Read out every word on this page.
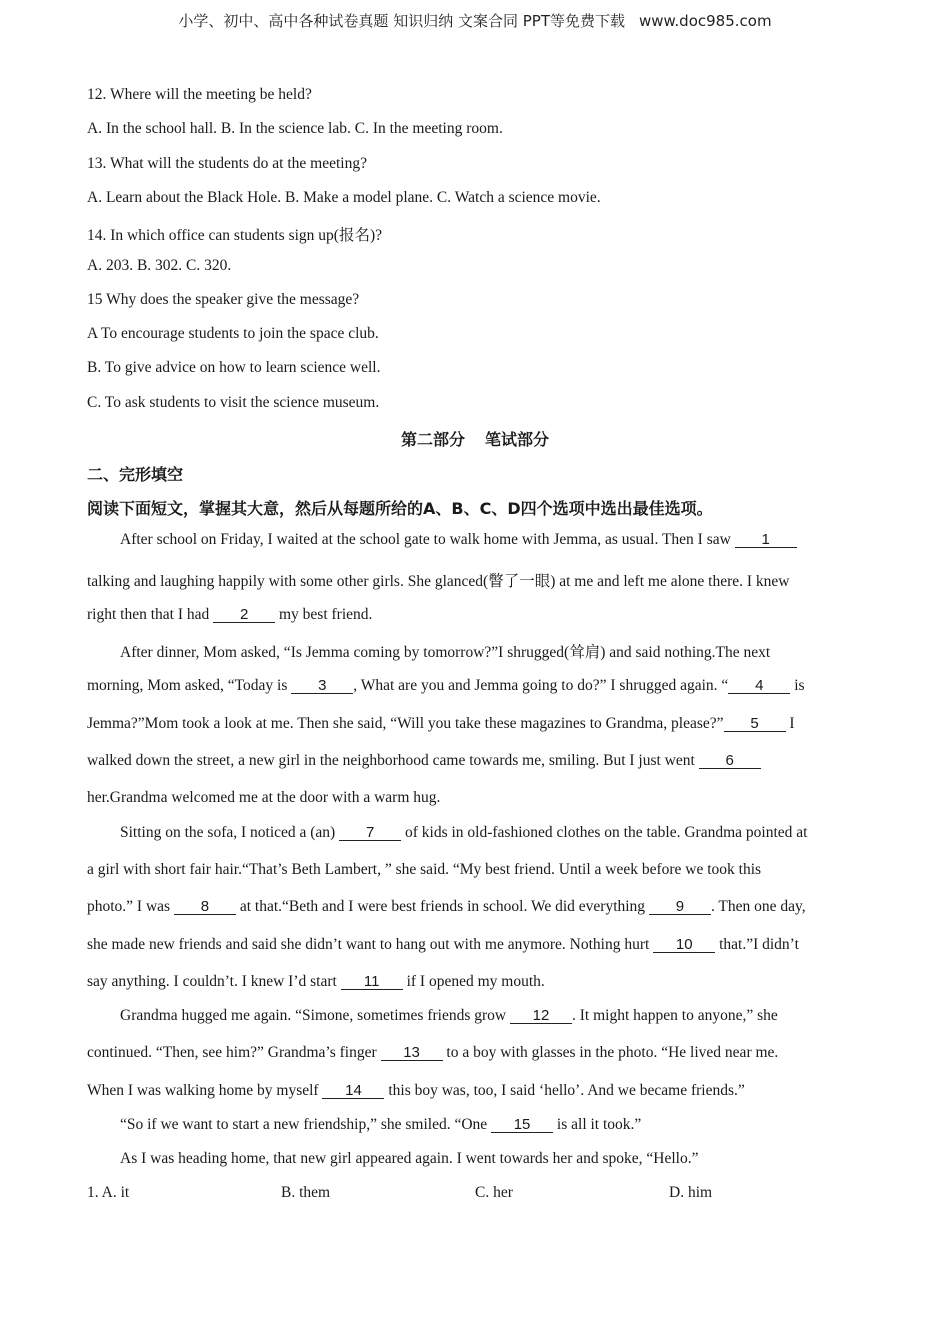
小学、初中、高中各种试卷真题 知识归纳 文案合同 PPT等免费下载 www.doc985.com
12. Where will the meeting be held?
A. In the school hall. B. In the science lab. C. In the meeting room.
13. What will the students do at the meeting?
A. Learn about the Black Hole. B. Make a model plane. C. Watch a science movie.
14. In which office can students sign up(报名)?
A. 203. B. 302. C. 320.
15 Why does the speaker give the message?
A To encourage students to join the space club.
B. To give advice on how to learn science well.
C. To ask students to visit the science museum.
第二部分 笔试部分
二、完形填空
阅读下面短文，掌握其大意，然后从每题所给的A、B、C、D四个选项中选出最佳选项。
After school on Friday, I waited at the school gate to walk home with Jemma, as usual. Then I saw 1
talking and laughing happily with some other girls. She glanced(瞥了一眼) at me and left me alone there. I knew
right then that I had 2 my best friend.
After dinner, Mom asked, “Is Jemma coming by tomorrow?”I shrugged(耸肩) and said nothing.The next
morning, Mom asked, “Today is 3 , What are you and Jemma going to do?” I shrugged again. “ 4 is
Jemma?”Mom took a look at me. Then she said, “Will you take these magazines to Grandma, please?” 5 I
walked down the street, a new girl in the neighborhood came towards me, smiling. But I just went 6
her.Grandma welcomed me at the door with a warm hug.
Sitting on the sofa, I noticed a (an) 7 of kids in old-fashioned clothes on the table. Grandma pointed at
a girl with short fair hair.“That’s Beth Lambert, ” she said. “My best friend. Until a week before we took this
photo.” I was 8 at that.“Beth and I were best friends in school. We did everything 9 . Then one day,
she made new friends and said she didn’t want to hang out with me anymore. Nothing hurt 10 that.”I didn’t
say anything. I couldn’t. I knew I’d start 11 if I opened my mouth.
Grandma hugged me again. “Simone, sometimes friends grow 12 . It might happen to anyone,” she
continued. “Then, see him?” Grandma’s finger 13 to a boy with glasses in the photo. “He lived near me.
When I was walking home by myself 14 this boy was, too, I said ‘hello’. And we became friends.”
“So if we want to start a new friendship,” she smiled. “One 15 is all it took.”
As I was heading home, that new girl appeared again. I went towards her and spoke, “Hello.”
1. A. it	B. them	C. her	D. him
